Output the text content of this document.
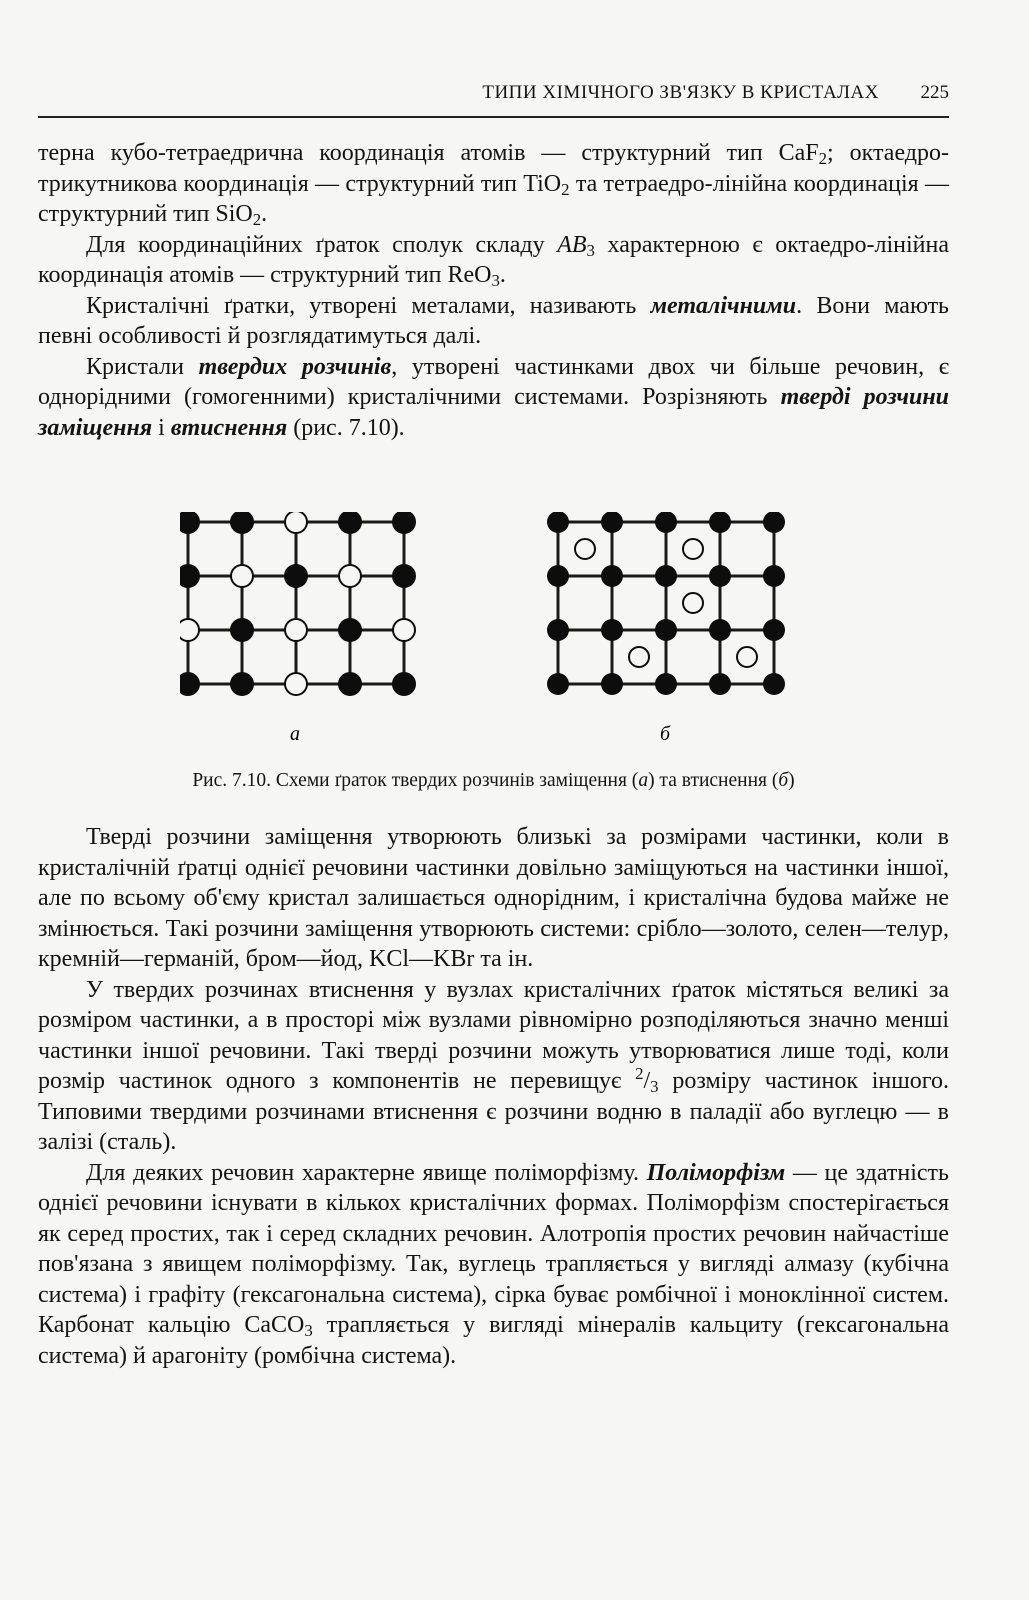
ТИПИ ХІМІЧНОГО ЗВ'ЯЗКУ В КРИСТАЛАХ 225

терна кубо-тетраедрична координація атомів — структурний тип CaF$_2$; октаедро-трикутникова координація — структурний тип TiO$_2$ та тетраедро-лінійна координація — структурний тип SiO$_2$.

Для координаційних ґраток сполук складу $AB_3$ характерною є октаедро-лінійна координація атомів — структурний тип ReO$_3$.

Кристалічні ґратки, утворені металами, називають металічними. Вони мають певні особливості й розглядатимуться далі.

Кристали твердих розчинів, утворені частинками двох чи більше речовин, є однорідними (гомогенними) кристалічними системами. Розрізняють тверді розчини заміщення і втиснення (рис. 7.10).

а	б
Рис. 7.10. Схеми ґраток твердих розчинів заміщення (а) та втиснення (б)

Тверді розчини заміщення утворюють близькі за розмірами частинки, коли в кристалічній ґратці однієї речовини частинки довільно заміщуються на частинки іншої, але по всьому об'єму кристал залишається однорідним, і кристалічна будова майже не змінюється. Такі розчини заміщення утворюють системи: срібло—золото, селен—телур, кремній—германій, бром—йод, KCl—KBr та ін.

У твердих розчинах втиснення у вузлах кристалічних ґраток містяться великі за розміром частинки, а в просторі між вузлами рівномірно розподіляються значно менші частинки іншої речовини. Такі тверді розчини можуть утворюватися лише тоді, коли розмір частинок одного з компонентів не перевищує $^2/_3$ розміру частинок іншого. Типовими твердими розчинами втиснення є розчини водню в паладії або вуглецю — в залізі (сталь).

Для деяких речовин характерне явище поліморфізму. Поліморфізм — це здатність однієї речовини існувати в кількох кристалічних формах. Поліморфізм спостерігається як серед простих, так і серед складних речовин. Алотропія простих речовин найчастіше пов'язана з явищем поліморфізму. Так, вуглець трапляється у вигляді алмазу (кубічна система) і графіту (гексагональна система), сірка буває ромбічної і моноклінної систем. Карбонат кальцію CaCO$_3$ трапляється у вигляді мінералів кальциту (гексагональна система) й арагоніту (ромбічна система).
